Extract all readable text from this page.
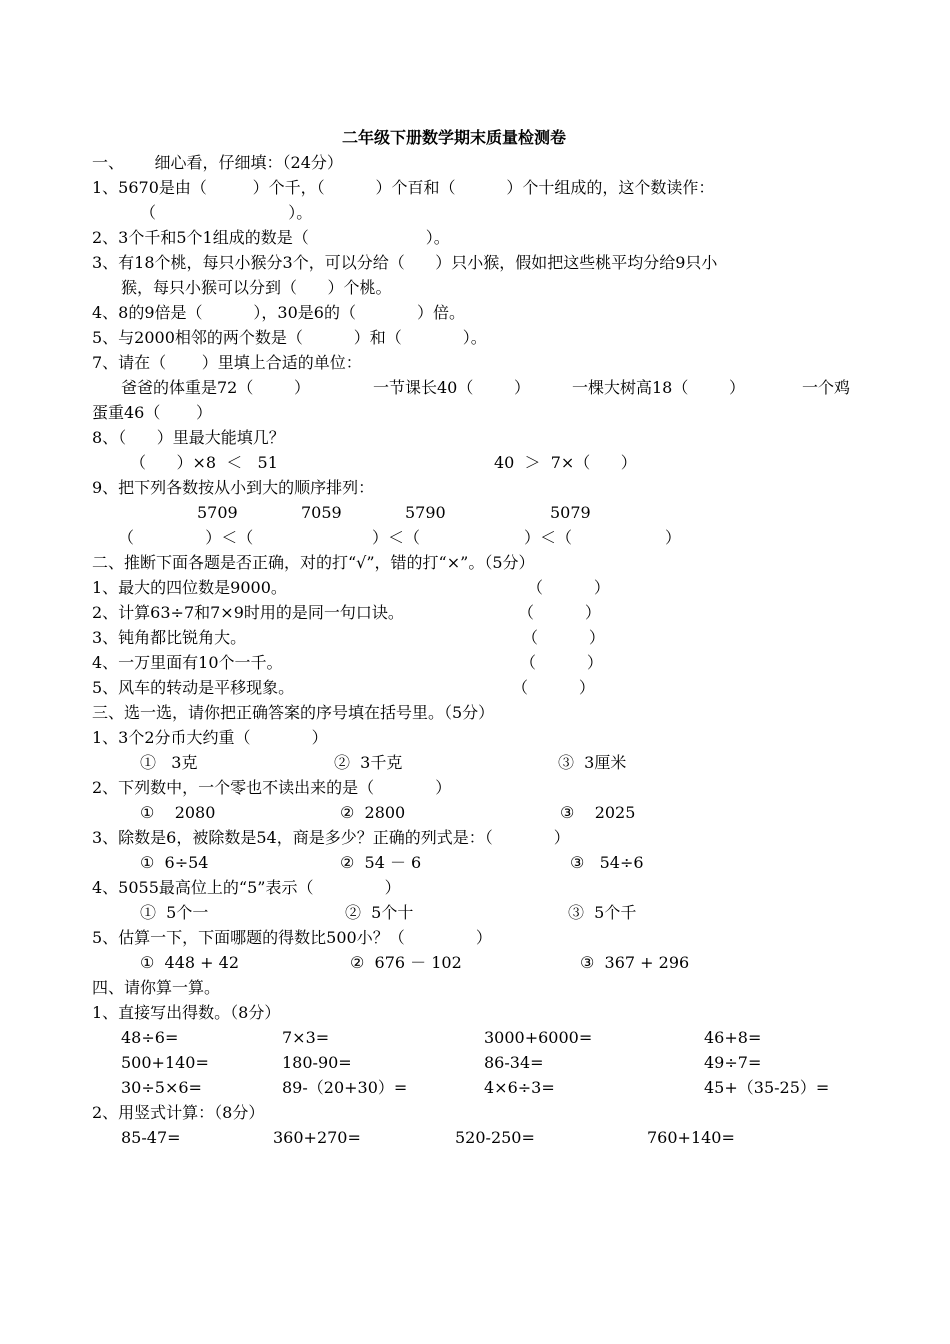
二年级下册数学期末质量检测卷
一、      细心看，仔细填：（24分）
1、5670是由（         ）个千，（          ）个百和（          ）个十组成的，这个数读作：
（                          ）。
2、3个千和5个1组成的数是（                       ）。
3、有18个桃，每只小猴分3个，可以分给（      ）只小猴，假如把这些桃平均分给9只小
猴，每只小猴可以分到（      ）个桃。
4、8的9倍是（          ），30是6的（            ）倍。
5、与2000相邻的两个数是（          ）和（            ）。
7、请在（       ）里填上合适的单位：
爸爸的体重是72（        ）	一节课长40（        ）	一棵大树高18（        ）	一个鸡
蛋重46（       ）
8、（      ）里最大能填几？
（      ）×8  ＜   51	40  ＞  7×（      ）
9、把下列各数按从小到大的顺序排列：
5709	7059	5790	5079
（              ）＜（	）＜（	）＜（	）
二、推断下面各题是否正确，对的打“√”，错的打“×”。（5分）
1、最大的四位数是9000。	（          ）
2、计算63÷7和7×9时用的是同一句口诀。	（          ）
3、钝角都比锐角大。	（          ）
4、一万里面有10个一千。	（          ）
5、风车的转动是平移现象。	（          ）
三、选一选，请你把正确答案的序号填在括号里。（5分）
1、3个2分币大约重（            ）
①   3克	②  3千克	③  3厘米
2、下列数中，一个零也不读出来的是（            ）
①    2080	②  2800	③    2025
3、除数是6，被除数是54，商是多少？正确的列式是：（            ）
①  6÷54	②  54 － 6	③   54÷6
4、5055最高位上的“5”表示（              ）
①  5个一	②  5个十	③  5个千
5、估算一下，下面哪题的得数比500小？（              ）
①  448 + 42	②  676 － 102	③  367 + 296
四、请你算一算。
1、直接写出得数。（8分）
48÷6=	7×3=	3000+6000=	46+8=
500+140=	180-90=	86-34=	49÷7=
30÷5×6=	89-（20+30）=	4×6÷3=	45+（35-25）=
2、用竖式计算：（8分）
85-47=	360+270=	520-250=	760+140=
